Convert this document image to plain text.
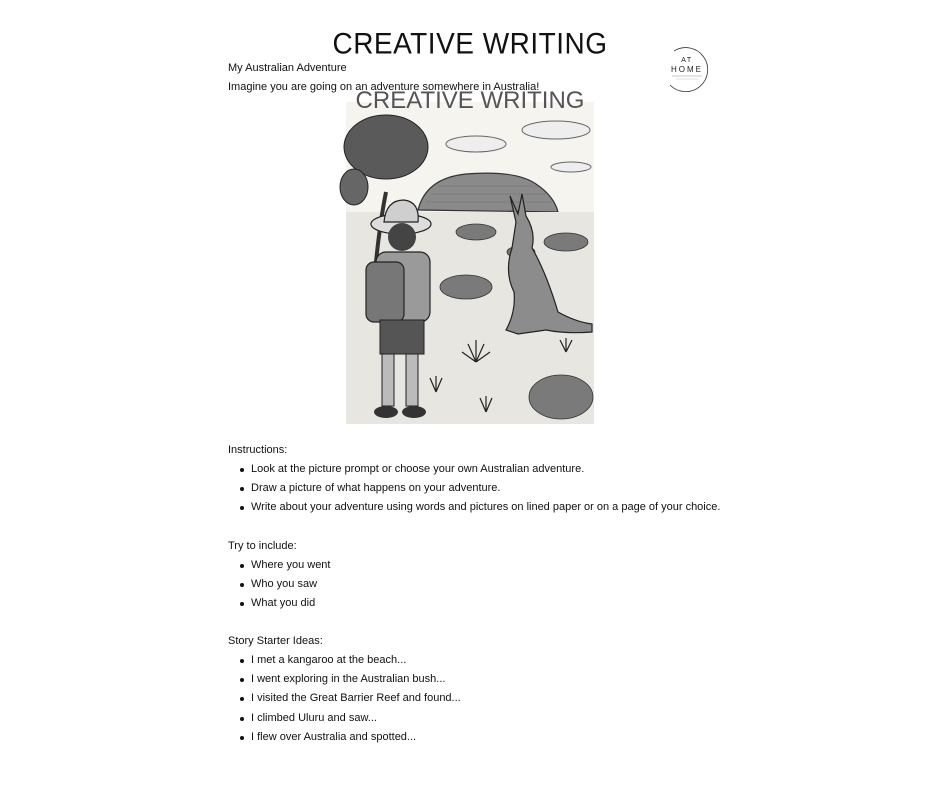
CREATIVE WRITING
AT
HOME
My Australian Adventure
Imagine you are going on an adventure somewhere in Australia!
CREATIVE WRITING
Instructions:
Look at the picture prompt or choose your own Australian adventure.
Draw a picture of what happens on your adventure.
Write about your adventure using words and pictures on lined paper or on a page of your choice.
Try to include:
Where you went
Who you saw
What you did
Story Starter Ideas:
I met a kangaroo at the beach...
I went exploring in the Australian bush...
I visited the Great Barrier Reef and found...
I climbed Uluru and saw...
I flew over Australia and spotted...
